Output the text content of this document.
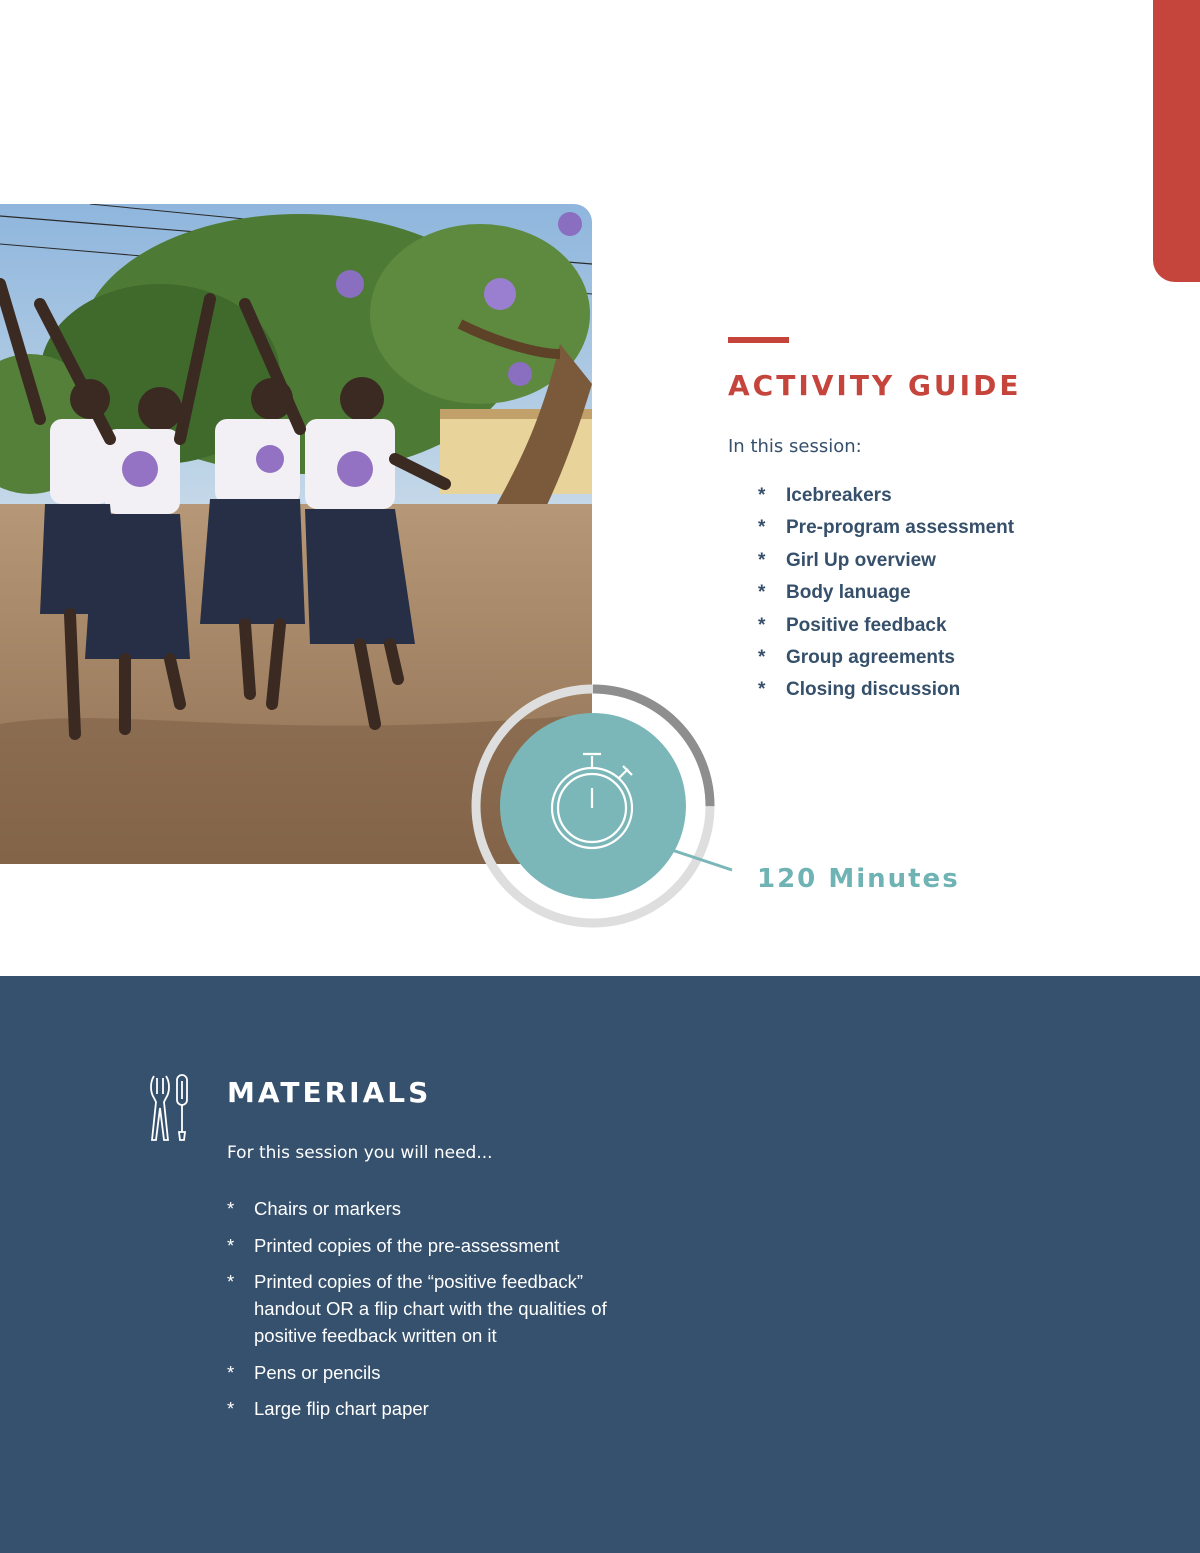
120 Minutes
ACTIVITY GUIDE
In this session:
* Icebreakers
* Pre-program assessment
* Girl Up overview
* Body lanuage
* Positive feedback
* Group agreements
* Closing discussion
MATERIALS
For this session you will need...
*	Chairs or markers
*	Printed copies of the pre-assessment
*	Printed copies of the “positive feedback”
handout OR a flip chart with the qualities of
positive feedback written on it
*	Pens or pencils
*	Large flip chart paper
